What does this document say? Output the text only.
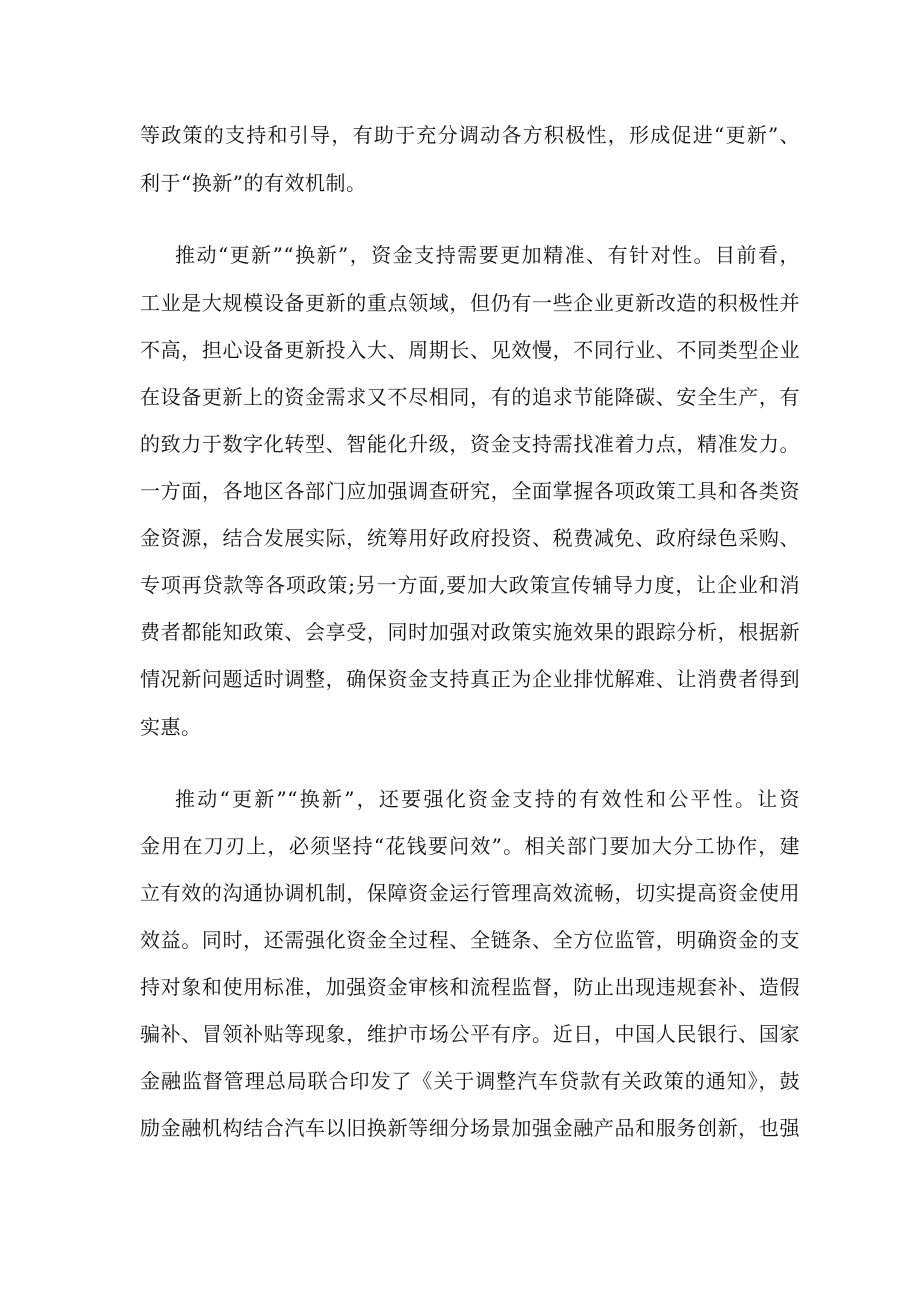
等政策的支持和引导，有助于充分调动各方积极性，形成促进“更新”、
利于“换新”的有效机制。
推动“更新”“换新”，资金支持需要更加精准、有针对性。目前看，
工业是大规模设备更新的重点领域，但仍有一些企业更新改造的积极性并
不高，担心设备更新投入大、周期长、见效慢，不同行业、不同类型企业
在设备更新上的资金需求又不尽相同，有的追求节能降碳、安全生产，有
的致力于数字化转型、智能化升级，资金支持需找准着力点，精准发力。
一方面，各地区各部门应加强调查研究，全面掌握各项政策工具和各类资
金资源，结合发展实际，统筹用好政府投资、税费减免、政府绿色采购、
专项再贷款等各项政策;另一方面,要加大政策宣传辅导力度，让企业和消
费者都能知政策、会享受，同时加强对政策实施效果的跟踪分析，根据新
情况新问题适时调整，确保资金支持真正为企业排忧解难、让消费者得到
实惠。
推动“更新”“换新”，还要强化资金支持的有效性和公平性。让资
金用在刀刃上，必须坚持“花钱要问效”。相关部门要加大分工协作，建
立有效的沟通协调机制，保障资金运行管理高效流畅，切实提高资金使用
效益。同时，还需强化资金全过程、全链条、全方位监管，明确资金的支
持对象和使用标准，加强资金审核和流程监督，防止出现违规套补、造假
骗补、冒领补贴等现象，维护市场公平有序。近日，中国人民银行、国家
金融监督管理总局联合印发了《关于调整汽车贷款有关政策的通知》，鼓
励金融机构结合汽车以旧换新等细分场景加强金融产品和服务创新，也强
